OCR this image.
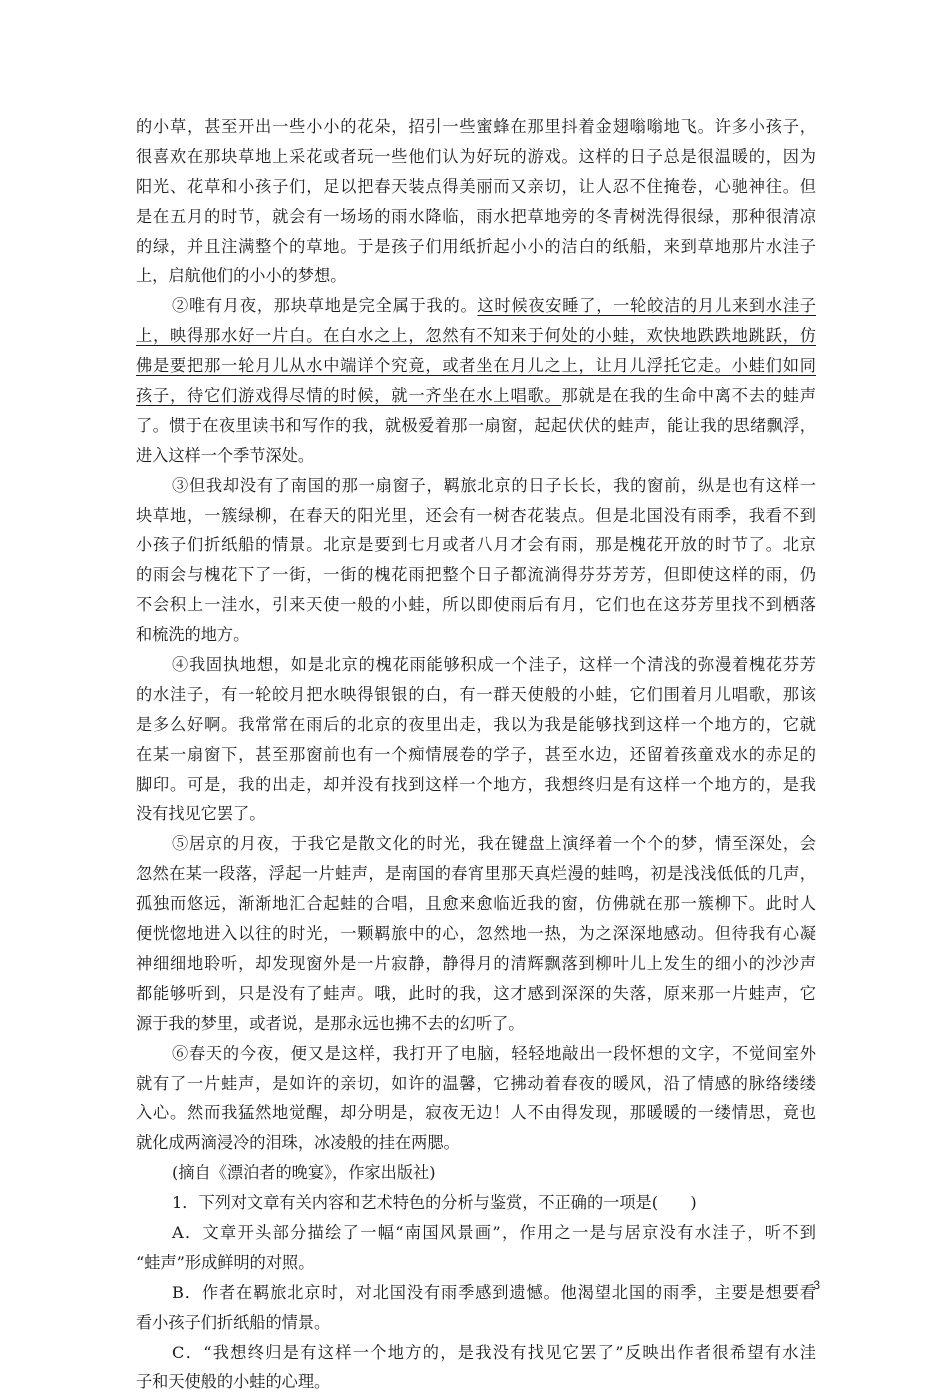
的小草，甚至开出一些小小的花朵，招引一些蜜蜂在那里抖着金翅嗡嗡地飞。许多小孩子，
很喜欢在那块草地上采花或者玩一些他们认为好玩的游戏。这样的日子总是很温暖的，因为
阳光、花草和小孩子们，足以把春天装点得美丽而又亲切，让人忍不住掩卷，心驰神往。但
是在五月的时节，就会有一场场的雨水降临，雨水把草地旁的冬青树洗得很绿，那种很清凉
的绿，并且注满整个的草地。于是孩子们用纸折起小小的洁白的纸船，来到草地那片水洼子
上，启航他们的小小的梦想。
②唯有月夜，那块草地是完全属于我的。这时候夜安睡了，一轮皎洁的月儿来到水洼子
上，映得那水好一片白。在白水之上，忽然有不知来于何处的小蛙，欢快地跌跌地跳跃，仿
佛是要把那一轮月儿从水中端详个究竟，或者坐在月儿之上，让月儿浮托它走。小蛙们如同
孩子，待它们游戏得尽情的时候，就一齐坐在水上唱歌。那就是在我的生命中离不去的蛙声
了。惯于在夜里读书和写作的我，就极爱着那一扇窗，起起伏伏的蛙声，能让我的思绪飘浮，
进入这样一个季节深处。
③但我却没有了南国的那一扇窗子，羁旅北京的日子长长，我的窗前，纵是也有这样一
块草地，一簇绿柳，在春天的阳光里，还会有一树杏花装点。但是北国没有雨季，我看不到
小孩子们折纸船的情景。北京是要到七月或者八月才会有雨，那是槐花开放的时节了。北京
的雨会与槐花下了一街，一街的槐花雨把整个日子都流淌得芬芬芳芳，但即使这样的雨，仍
不会积上一洼水，引来天使一般的小蛙，所以即使雨后有月，它们也在这芬芳里找不到栖落
和梳洗的地方。
④我固执地想，如是北京的槐花雨能够积成一个洼子，这样一个清浅的弥漫着槐花芬芳
的水洼子，有一轮皎月把水映得银银的白，有一群天使般的小蛙，它们围着月儿唱歌，那该
是多么好啊。我常常在雨后的北京的夜里出走，我以为我是能够找到这样一个地方的，它就
在某一扇窗下，甚至那窗前也有一个痴情展卷的学子，甚至水边，还留着孩童戏水的赤足的
脚印。可是，我的出走，却并没有找到这样一个地方，我想终归是有这样一个地方的，是我
没有找见它罢了。
⑤居京的月夜，于我它是散文化的时光，我在键盘上演绎着一个个的梦，情至深处，会
忽然在某一段落，浮起一片蛙声，是南国的春宵里那天真烂漫的蛙鸣，初是浅浅低低的几声，
孤独而悠远，渐渐地汇合起蛙的合唱，且愈来愈临近我的窗，仿佛就在那一簇柳下。此时人
便恍惚地进入以往的时光，一颗羁旅中的心，忽然地一热，为之深深地感动。但待我有心凝
神细细地聆听，却发现窗外是一片寂静，静得月的清辉飘落到柳叶儿上发生的细小的沙沙声
都能够听到，只是没有了蛙声。哦，此时的我，这才感到深深的失落，原来那一片蛙声，它
源于我的梦里，或者说，是那永远也拂不去的幻听了。
⑥春天的今夜，便又是这样，我打开了电脑，轻轻地敲出一段怀想的文字，不觉间室外
就有了一片蛙声，是如许的亲切，如许的温馨，它拂动着春夜的暖风，沿了情感的脉络缕缕
入心。然而我猛然地觉醒，却分明是，寂夜无边！人不由得发现，那暖暖的一缕情思，竟也
就化成两滴浸冷的泪珠，冰凌般的挂在两腮。
(摘自《漂泊者的晚宴》，作家出版社)
1．下列对文章有关内容和艺术特色的分析与鉴赏，不正确的一项是(　　)
A．文章开头部分描绘了一幅“南国风景画”，作用之一是与居京没有水洼子，听不到
“蛙声”形成鲜明的对照。
B．作者在羁旅北京时，对北国没有雨季感到遗憾。他渴望北国的雨季，主要是想要看
看小孩子们折纸船的情景。
C．“我想终归是有这样一个地方的，是我没有找见它罢了”反映出作者很希望有水洼
子和天使般的小蛙的心理。
3
